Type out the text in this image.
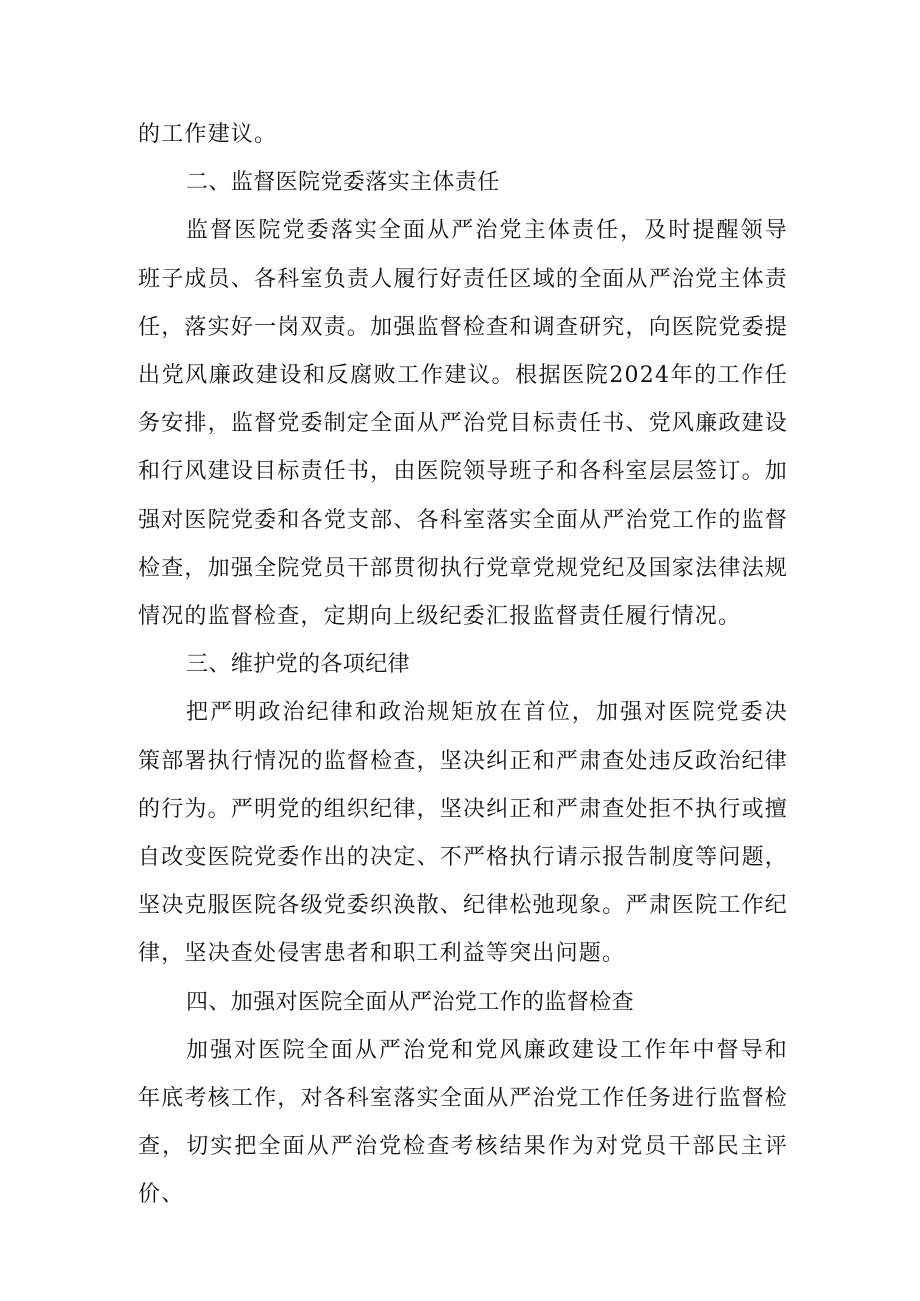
的工作建议。

二、监督医院党委落实主体责任

监督医院党委落实全面从严治党主体责任，及时提醒领导班子成员、各科室负责人履行好责任区域的全面从严治党主体责任，落实好一岗双责。加强监督检查和调查研究，向医院党委提出党风廉政建设和反腐败工作建议。根据医院2024年的工作任务安排，监督党委制定全面从严治党目标责任书、党风廉政建设和行风建设目标责任书，由医院领导班子和各科室层层签订。加强对医院党委和各党支部、各科室落实全面从严治党工作的监督检查，加强全院党员干部贯彻执行党章党规党纪及国家法律法规情况的监督检查，定期向上级纪委汇报监督责任履行情况。

三、维护党的各项纪律

把严明政治纪律和政治规矩放在首位，加强对医院党委决策部署执行情况的监督检查，坚决纠正和严肃查处违反政治纪律的行为。严明党的组织纪律，坚决纠正和严肃查处拒不执行或擅自改变医院党委作出的决定、不严格执行请示报告制度等问题，坚决克服医院各级党委织涣散、纪律松弛现象。严肃医院工作纪律，坚决查处侵害患者和职工利益等突出问题。

四、加强对医院全面从严治党工作的监督检查

加强对医院全面从严治党和党风廉政建设工作年中督导和年底考核工作，对各科室落实全面从严治党工作任务进行监督检查，切实把全面从严治党检查考核结果作为对党员干部民主评价、
